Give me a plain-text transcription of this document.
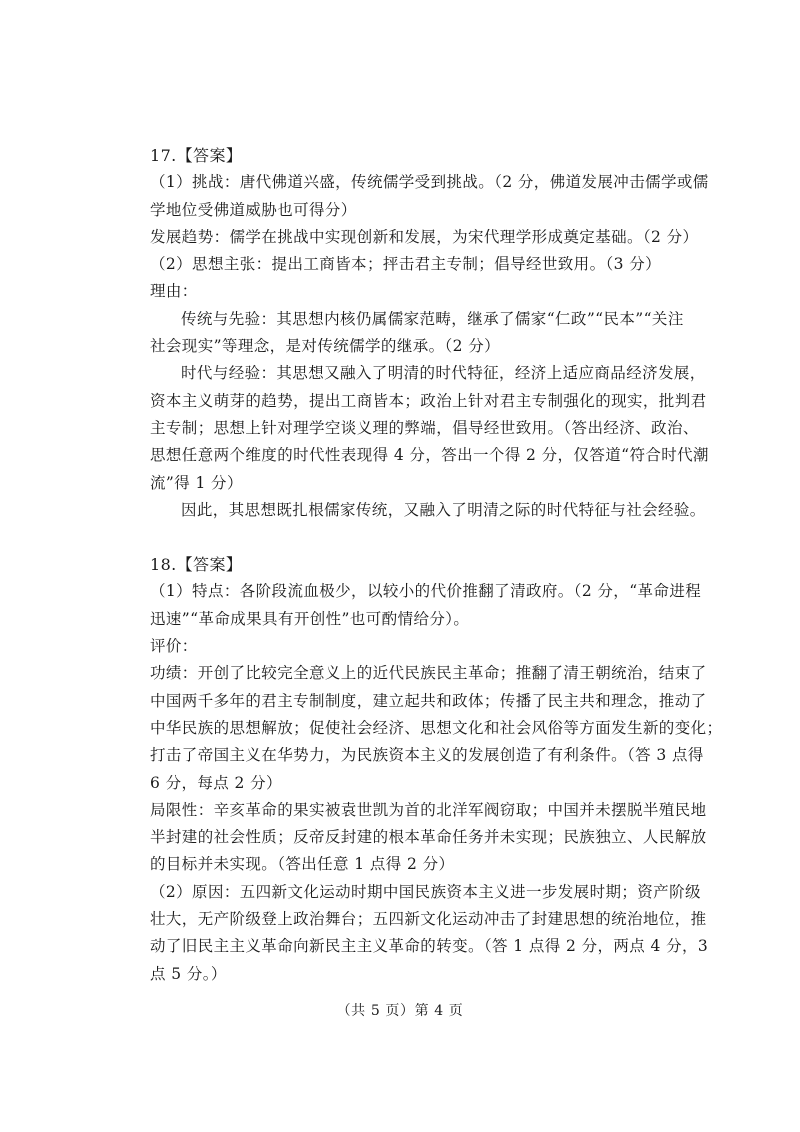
17.【答案】
（1）挑战：唐代佛道兴盛，传统儒学受到挑战。（2 分，佛道发展冲击儒学或儒
学地位受佛道威胁也可得分）
发展趋势：儒学在挑战中实现创新和发展，为宋代理学形成奠定基础。（2 分）
（2）思想主张：提出工商皆本；抨击君主专制；倡导经世致用。（3 分）
理由：
传统与先验：其思想内核仍属儒家范畴，继承了儒家“仁政”“民本”“关注
社会现实”等理念，是对传统儒学的继承。（2 分）
时代与经验：其思想又融入了明清的时代特征，经济上适应商品经济发展，
资本主义萌芽的趋势，提出工商皆本；政治上针对君主专制强化的现实，批判君
主专制；思想上针对理学空谈义理的弊端，倡导经世致用。（答出经济、政治、
思想任意两个维度的时代性表现得 4 分，答出一个得 2 分，仅答道“符合时代潮
流”得 1 分）
因此，其思想既扎根儒家传统，又融入了明清之际的时代特征与社会经验。
18.【答案】
（1）特点：各阶段流血极少，以较小的代价推翻了清政府。（2 分，“革命进程
迅速”“革命成果具有开创性”也可酌情给分）。
评价：
功绩：开创了比较完全意义上的近代民族民主革命；推翻了清王朝统治，结束了
中国两千多年的君主专制制度，建立起共和政体；传播了民主共和理念，推动了
中华民族的思想解放；促使社会经济、思想文化和社会风俗等方面发生新的变化；
打击了帝国主义在华势力，为民族资本主义的发展创造了有利条件。（答 3 点得
6 分，每点 2 分）
局限性：辛亥革命的果实被袁世凯为首的北洋军阀窃取；中国并未摆脱半殖民地
半封建的社会性质；反帝反封建的根本革命任务并未实现；民族独立、人民解放
的目标并未实现。（答出任意 1 点得 2 分）
（2）原因：五四新文化运动时期中国民族资本主义进一步发展时期；资产阶级
壮大，无产阶级登上政治舞台；五四新文化运动冲击了封建思想的统治地位，推
动了旧民主主义革命向新民主主义革命的转变。（答 1 点得 2 分，两点 4 分，3
点 5 分。）
（共 5 页）第 4 页
